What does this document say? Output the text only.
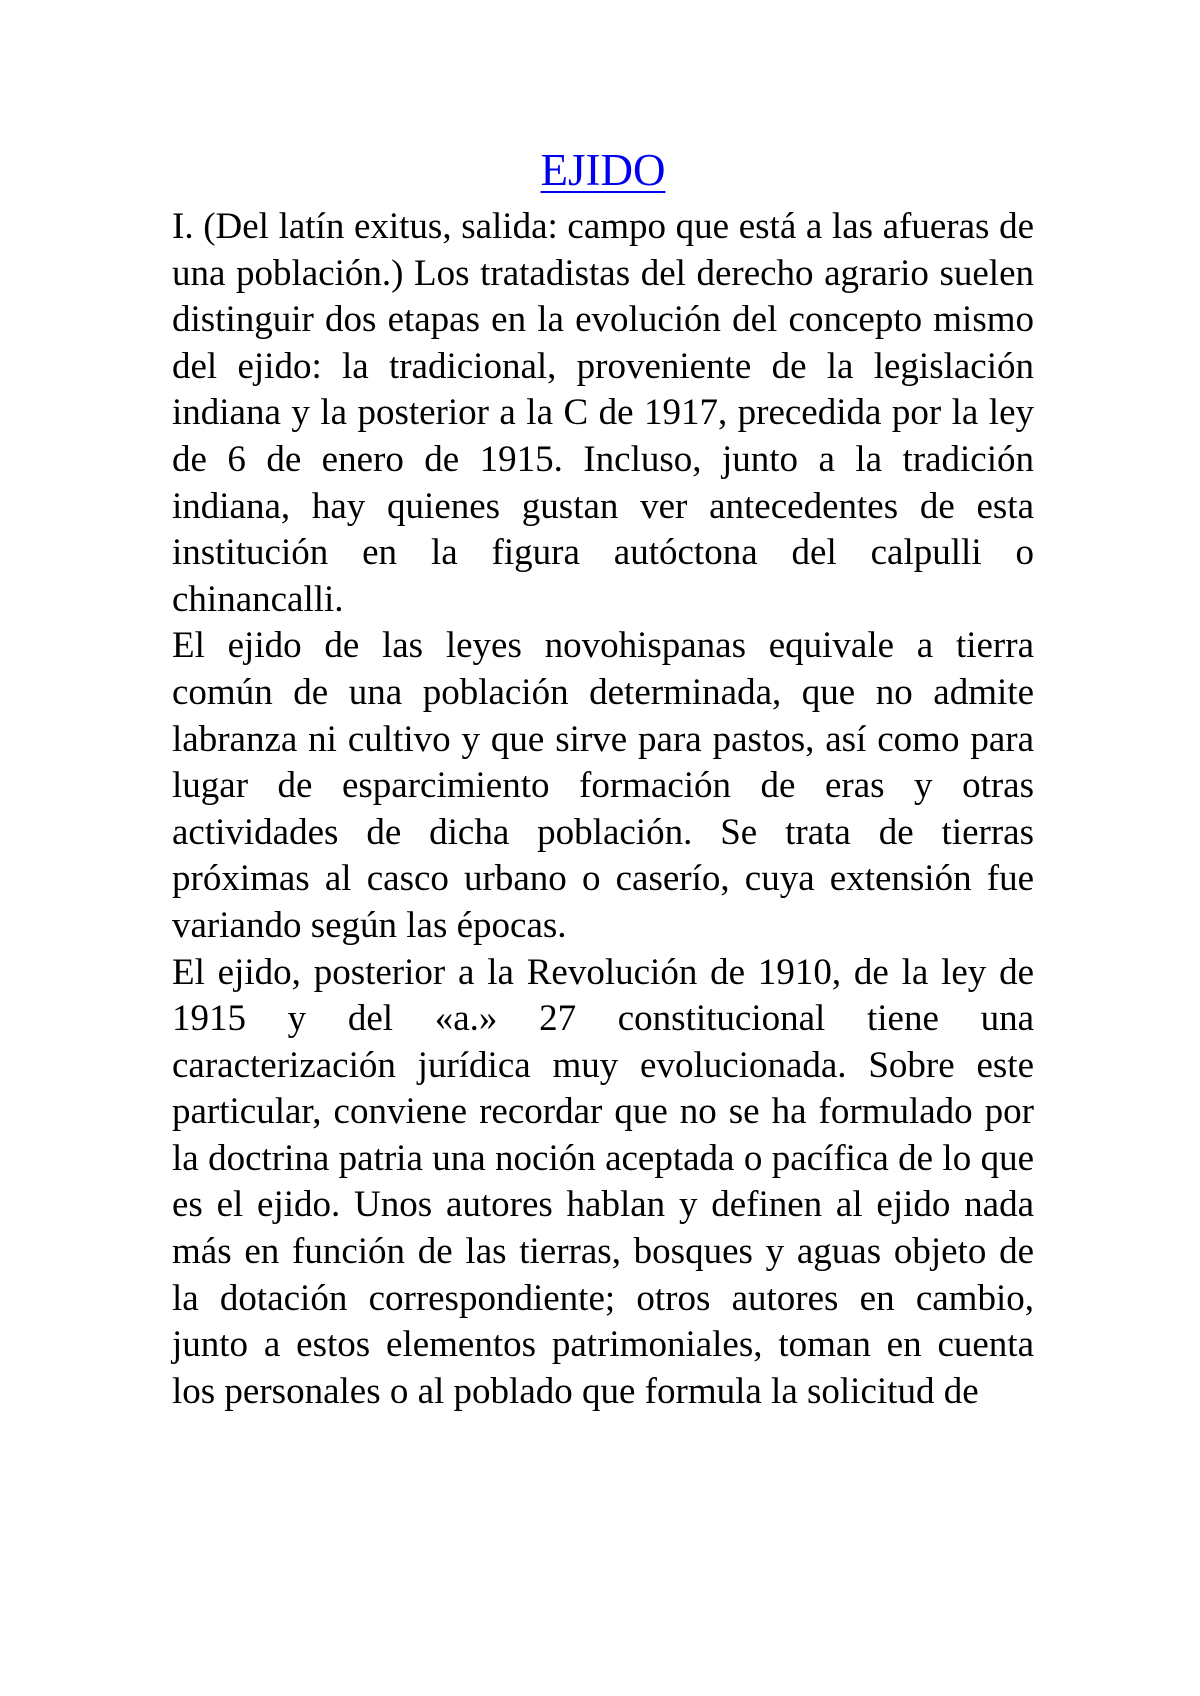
EJIDO

I. (Del latín exitus, salida: campo que está a las afueras de una población.) Los tratadistas del derecho agrario suelen distinguir dos etapas en la evolución del concepto mismo del ejido: la tradicional, proveniente de la legislación indiana y la posterior a la C de 1917, precedida por la ley de 6 de enero de 1915. Incluso, junto a la tradición indiana, hay quienes gustan ver antecedentes de esta institución en la figura autóctona del calpulli o chinancalli.

El ejido de las leyes novohispanas equivale a tierra común de una población determinada, que no admite labranza ni cultivo y que sirve para pastos, así como para lugar de esparcimiento formación de eras y otras actividades de dicha población. Se trata de tierras próximas al casco urbano o caserío, cuya extensión fue variando según las épocas.

El ejido, posterior a la Revolución de 1910, de la ley de 1915 y del «a.» 27 constitucional tiene una caracterización jurídica muy evolucionada. Sobre este particular, conviene recordar que no se ha formulado por la doctrina patria una noción aceptada o pacífica de lo que es el ejido. Unos autores hablan y definen al ejido nada más en función de las tierras, bosques y aguas objeto de la dotación correspondiente; otros autores en cambio, junto a estos elementos patrimoniales, toman en cuenta los personales o al poblado que formula la solicitud de
